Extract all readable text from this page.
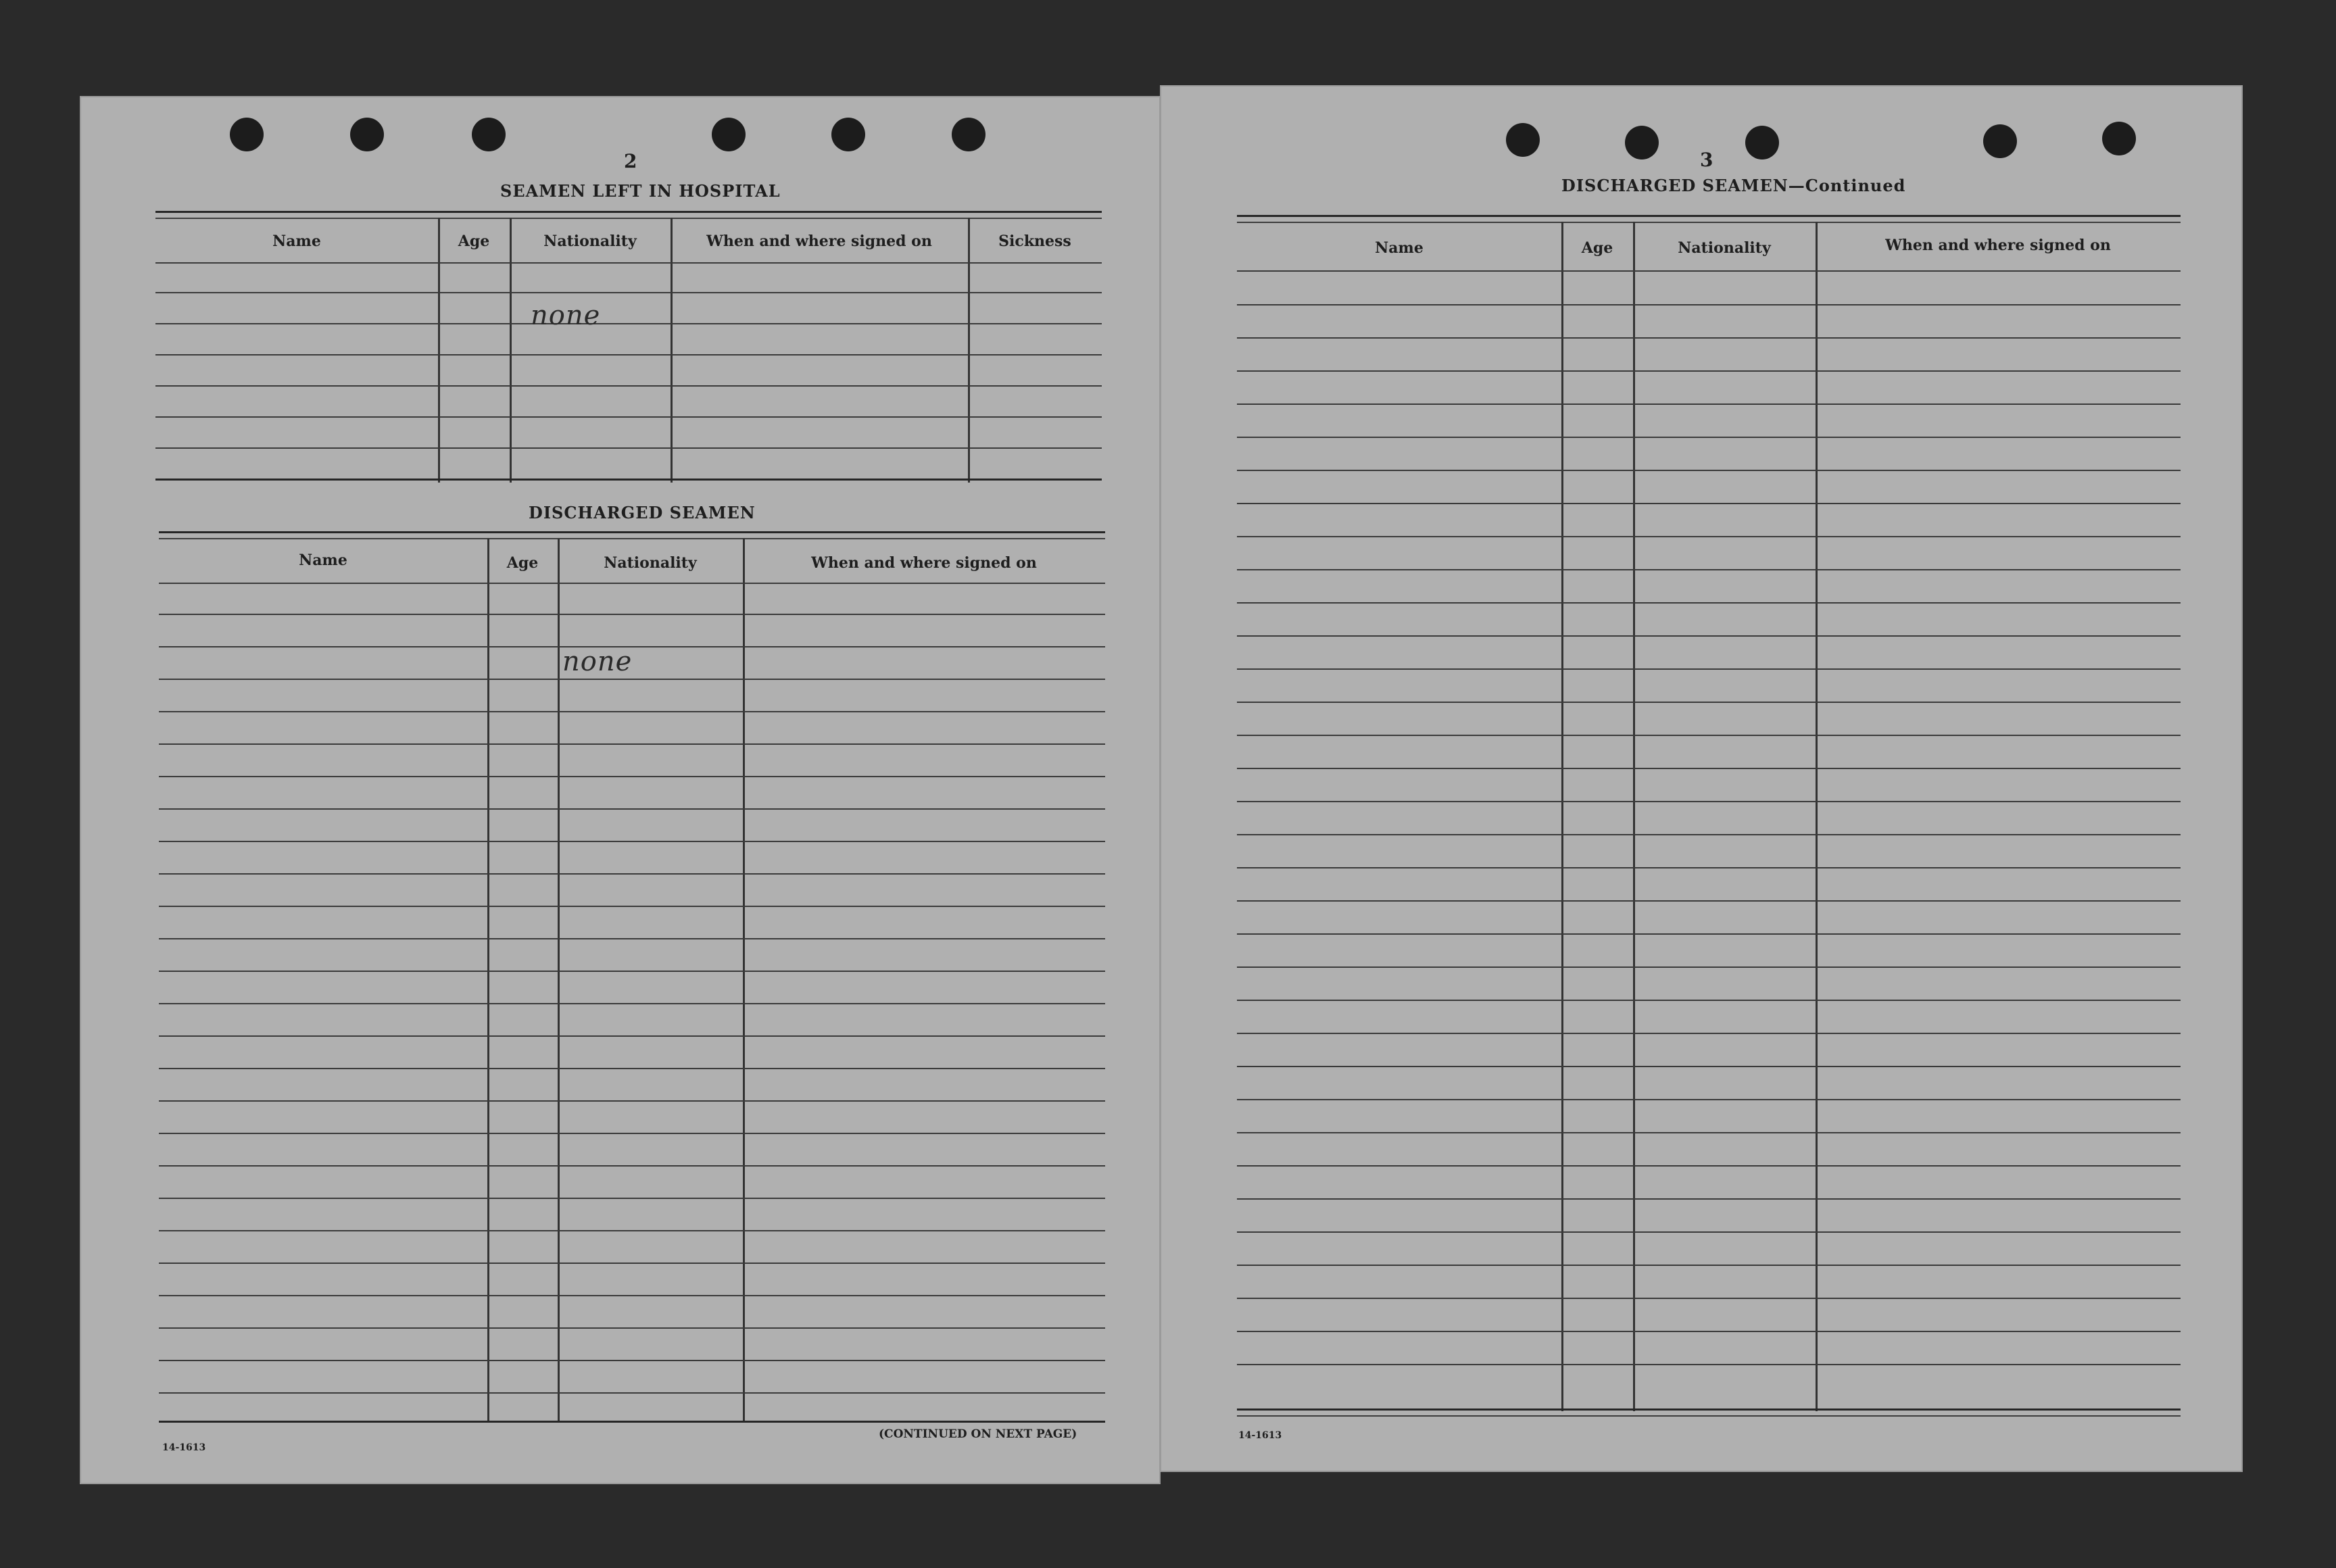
2
SEAMEN LEFT IN HOSPITAL
Name	Age	Nationality	When and where signed on	Sickness
none
DISCHARGED SEAMEN
Name	Age	Nationality	When and where signed on
none
14-1613
(CONTINUED ON NEXT PAGE)
3
DISCHARGED SEAMEN—Continued
Name	Age	Nationality	When and where signed on
14-1613
